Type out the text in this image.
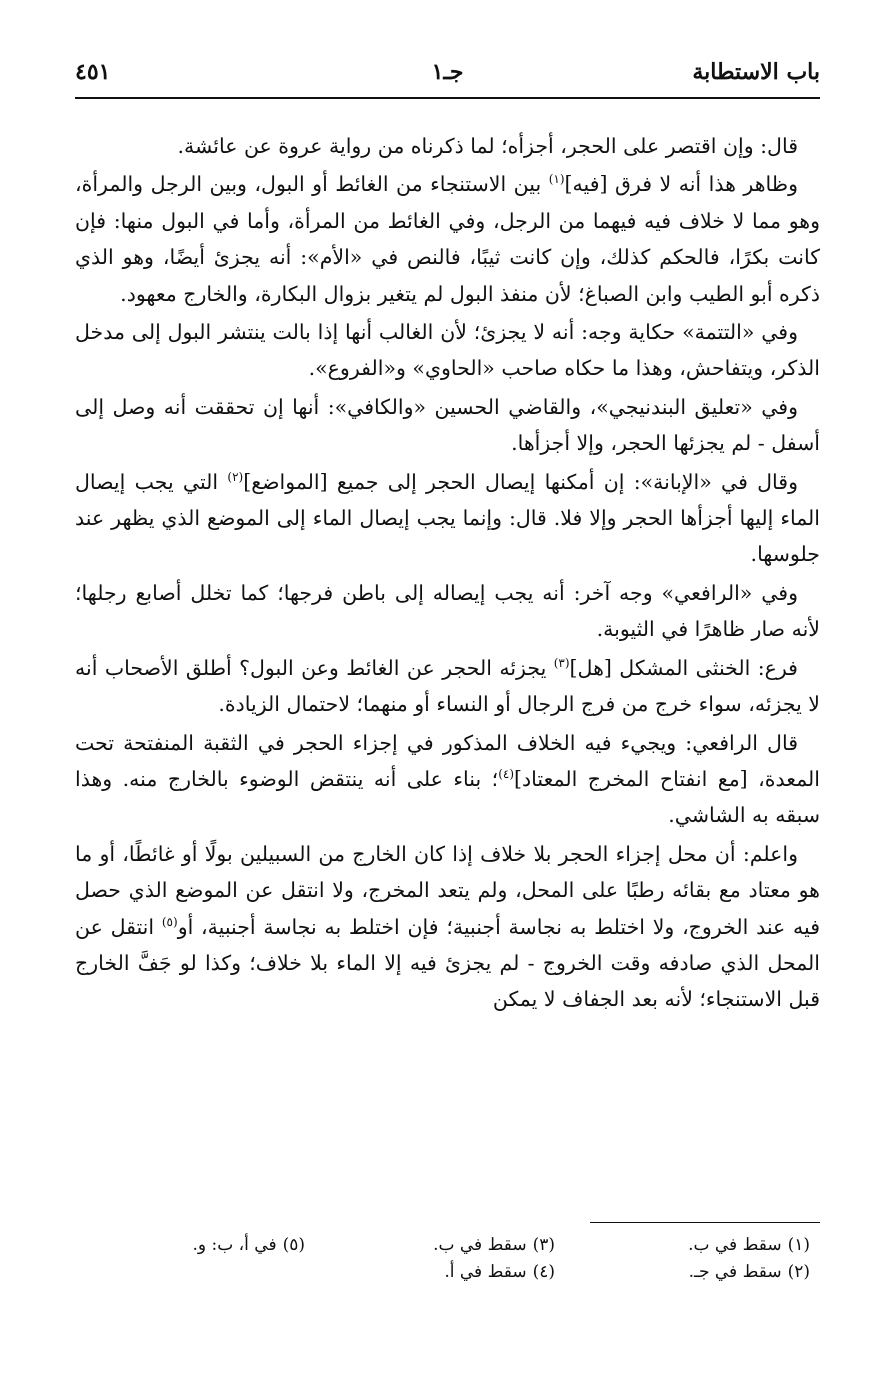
باب الاستطابة
جـ١
٤٥١

قال: وإن اقتصر على الحجر، أجزأه؛ لما ذكرناه من رواية عروة عن عائشة.

وظاهر هذا أنه لا فرق [فيه]$^{(١)}$ بين الاستنجاء من الغائط أو البول، وبين الرجل والمرأة، وهو مما لا خلاف فيه فيهما من الرجل، وفي الغائط من المرأة، وأما في البول منها: فإن كانت بكرًا، فالحكم كذلك، وإن كانت ثيبًا، فالنص في «الأم»: أنه يجزئ أيضًا، وهو الذي ذكره أبو الطيب وابن الصباغ؛ لأن منفذ البول لم يتغير بزوال البكارة، والخارج معهود.

وفي «التتمة» حكاية وجه: أنه لا يجزئ؛ لأن الغالب أنها إذا بالت ينتشر البول إلى مدخل الذكر، ويتفاحش، وهذا ما حكاه صاحب «الحاوي» و«الفروع».

وفي «تعليق البندنيجي»، والقاضي الحسين «والكافي»: أنها إن تحققت أنه وصل إلى أسفل - لم يجزئها الحجر، وإلا أجزأها.

وقال في «الإبانة»: إن أمكنها إيصال الحجر إلى جميع [المواضع]$^{(٢)}$ التي يجب إيصال الماء إليها أجزأها الحجر وإلا فلا. قال: وإنما يجب إيصال الماء إلى الموضع الذي يظهر عند جلوسها.

وفي «الرافعي» وجه آخر: أنه يجب إيصاله إلى باطن فرجها؛ كما تخلل أصابع رجلها؛ لأنه صار ظاهرًا في الثيوبة.

فرع: الخنثى المشكل [هل]$^{(٣)}$ يجزئه الحجر عن الغائط وعن البول؟ أطلق الأصحاب أنه لا يجزئه، سواء خرج من فرج الرجال أو النساء أو منهما؛ لاحتمال الزيادة.

قال الرافعي: ويجيء فيه الخلاف المذكور في إجزاء الحجر في الثقبة المنفتحة تحت المعدة، [مع انفتاح المخرج المعتاد]$^{(٤)}$؛ بناء على أنه ينتقض الوضوء بالخارج منه. وهذا سبقه به الشاشي.

واعلم: أن محل إجزاء الحجر بلا خلاف إذا كان الخارج من السبيلين بولًا أو غائطًا، أو ما هو معتاد مع بقائه رطبًا على المحل، ولم يتعد المخرج، ولا انتقل عن الموضع الذي حصل فيه عند الخروج، ولا اختلط به نجاسة أجنبية؛ فإن اختلط به نجاسة أجنبية، أو$^{(٥)}$ انتقل عن المحل الذي صادفه وقت الخروج - لم يجزئ فيه إلا الماء بلا خلاف؛ وكذا لو جَفَّ الخارج قبل الاستنجاء؛ لأنه بعد الجفاف لا يمكن

(١)سقط في ب.
(٢)سقط في جـ.
(٣)سقط في ب.
(٤)سقط في أ.
(٥)في أ، ب: و.
